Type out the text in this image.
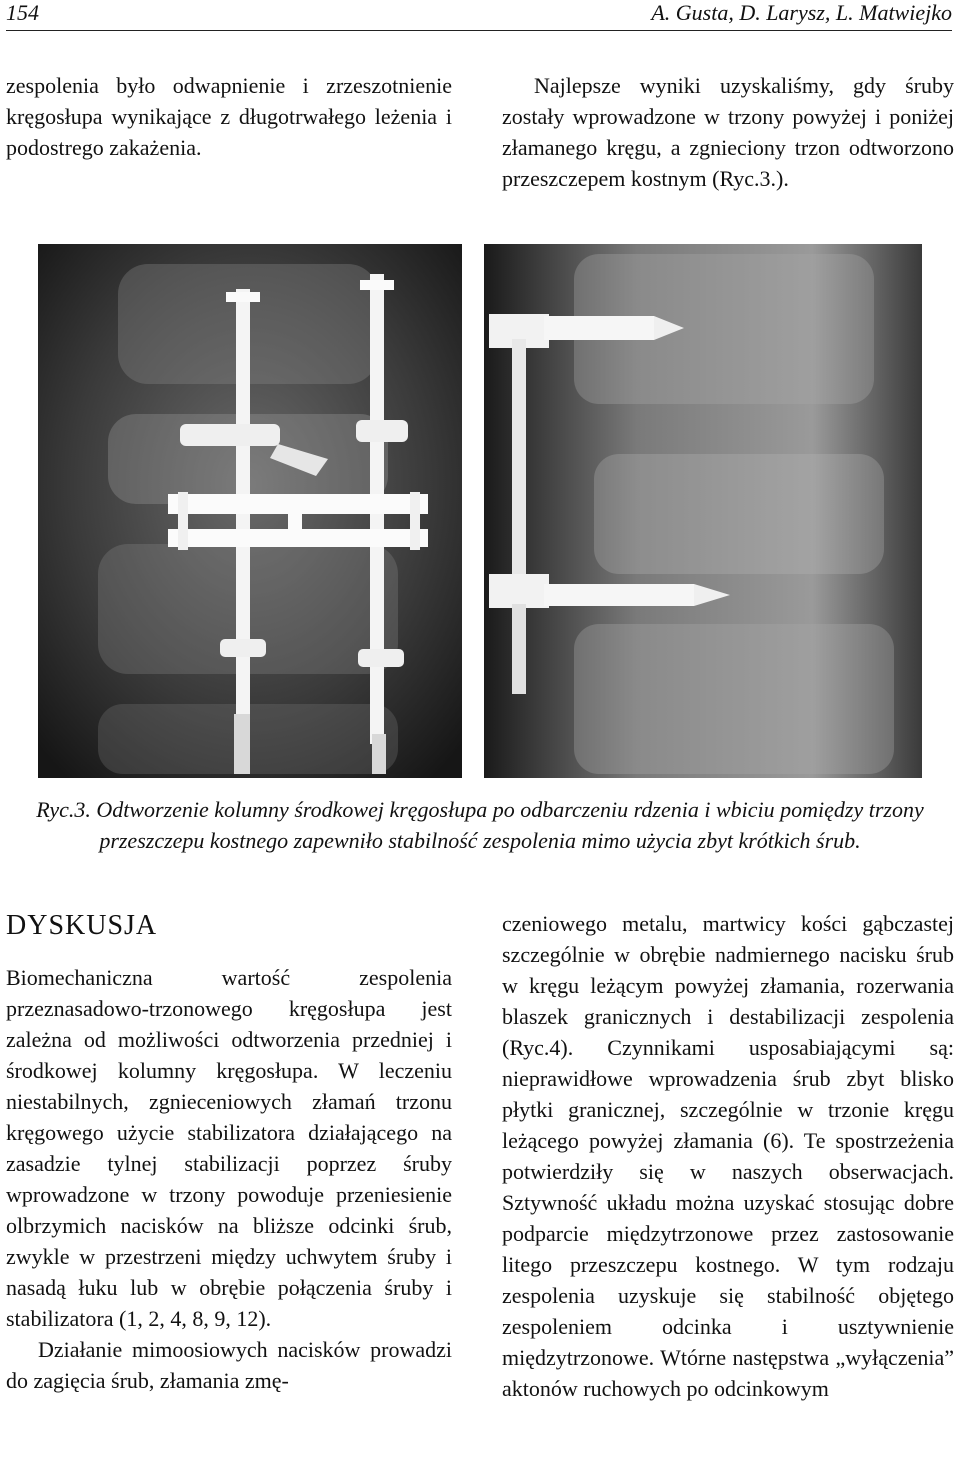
154	A. Gusta, D. Larysz, L. Matwiejko

zespolenia było odwapnienie i zrzeszotnienie kręgosłupa wynikające z długotrwałego leżenia i podostrego zakażenia.

Najlepsze wyniki uzyskaliśmy, gdy śruby zostały wprowadzone w trzony powyżej i poniżej złamanego kręgu, a zgnieciony trzon odtworzono przeszczepem kostnym (Ryc.3.).

Ryc.3. Odtworzenie kolumny środkowej kręgosłupa po odbarczeniu rdzenia i wbiciu pomiędzy trzony przeszczepu kostnego zapewniło stabilność zespolenia mimo użycia zbyt krótkich śrub.
DYSKUSJA

Biomechaniczna wartość zespolenia przeznasadowo-trzonowego kręgosłupa jest zależna od możliwości odtworzenia przedniej i środkowej kolumny kręgosłupa. W leczeniu niestabilnych, zgnieceniowych złamań trzonu kręgowego użycie stabilizatora działającego na zasadzie tylnej stabilizacji poprzez śruby wprowadzone w trzony powoduje przeniesienie olbrzymich nacisków na bliższe odcinki śrub, zwykle w przestrzeni między uchwytem śruby i nasadą łuku lub w obrębie połączenia śruby i stabilizatora (1, 2, 4, 8, 9, 12).

Działanie mimoosiowych nacisków prowadzi do zagięcia śrub, złamania zmę-

czeniowego metalu, martwicy kości gąbczastej szczególnie w obrębie nadmiernego nacisku śrub w kręgu leżącym powyżej złamania, rozerwania blaszek granicznych i destabilizacji zespolenia (Ryc.4). Czynnikami usposabiającymi są: nieprawidłowe wprowadzenia śrub zbyt blisko płytki granicznej, szczególnie w trzonie kręgu leżącego powyżej złamania (6). Te spostrzeżenia potwierdziły się w naszych obserwacjach. Sztywność układu można uzyskać stosując dobre podparcie międzytrzonowe przez zastosowanie litego przeszczepu kostnego. W tym rodzaju zespolenia uzyskuje się stabilność objętego zespoleniem odcinka i usztywnienie międzytrzonowe. Wtórne następstwa „wyłączenia” aktonów ruchowych po odcinkowym
